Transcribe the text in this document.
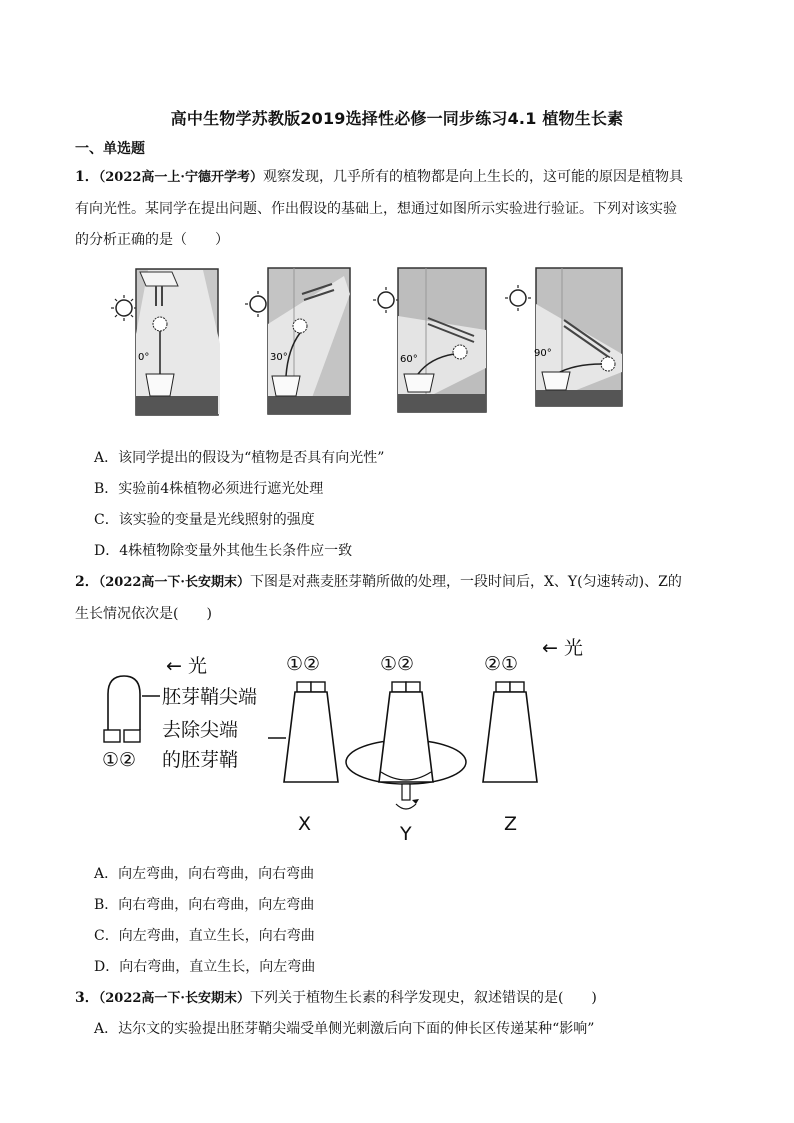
高中生物学苏教版2019选择性必修一同步练习4.1 植物生长素
一、单选题
1．（2022高一上·宁德开学考）观察发现，几乎所有的植物都是向上生长的，这可能的原因是植物具
有向光性。某同学在提出问题、作出假设的基础上，想通过如图所示实验进行验证。下列对该实验
的分析正确的是（　　）
0°	30°	60°
90°
A．该同学提出的假设为“植物是否具有向光性”
B．实验前4株植物必须进行遮光处理
C．该实验的变量是光线照射的强度
D．4株植物除变量外其他生长条件应一致
2．（2022高一下·长安期末）下图是对燕麦胚芽鞘所做的处理，一段时间后，X、Y(匀速转动)、Z的
生长情况依次是(　　)
← 光
← 光
①②
胚芽鞘尖端
去除尖端
的胚芽鞘
①②
X
①②
Y
②①
Z
A．向左弯曲，向右弯曲，向右弯曲
B．向右弯曲，向右弯曲，向左弯曲
C．向左弯曲，直立生长，向右弯曲
D．向右弯曲，直立生长，向左弯曲
3．（2022高一下·长安期末）下列关于植物生长素的科学发现史，叙述错误的是(　　)
A．达尔文的实验提出胚芽鞘尖端受单侧光刺激后向下面的伸长区传递某种“影响”
